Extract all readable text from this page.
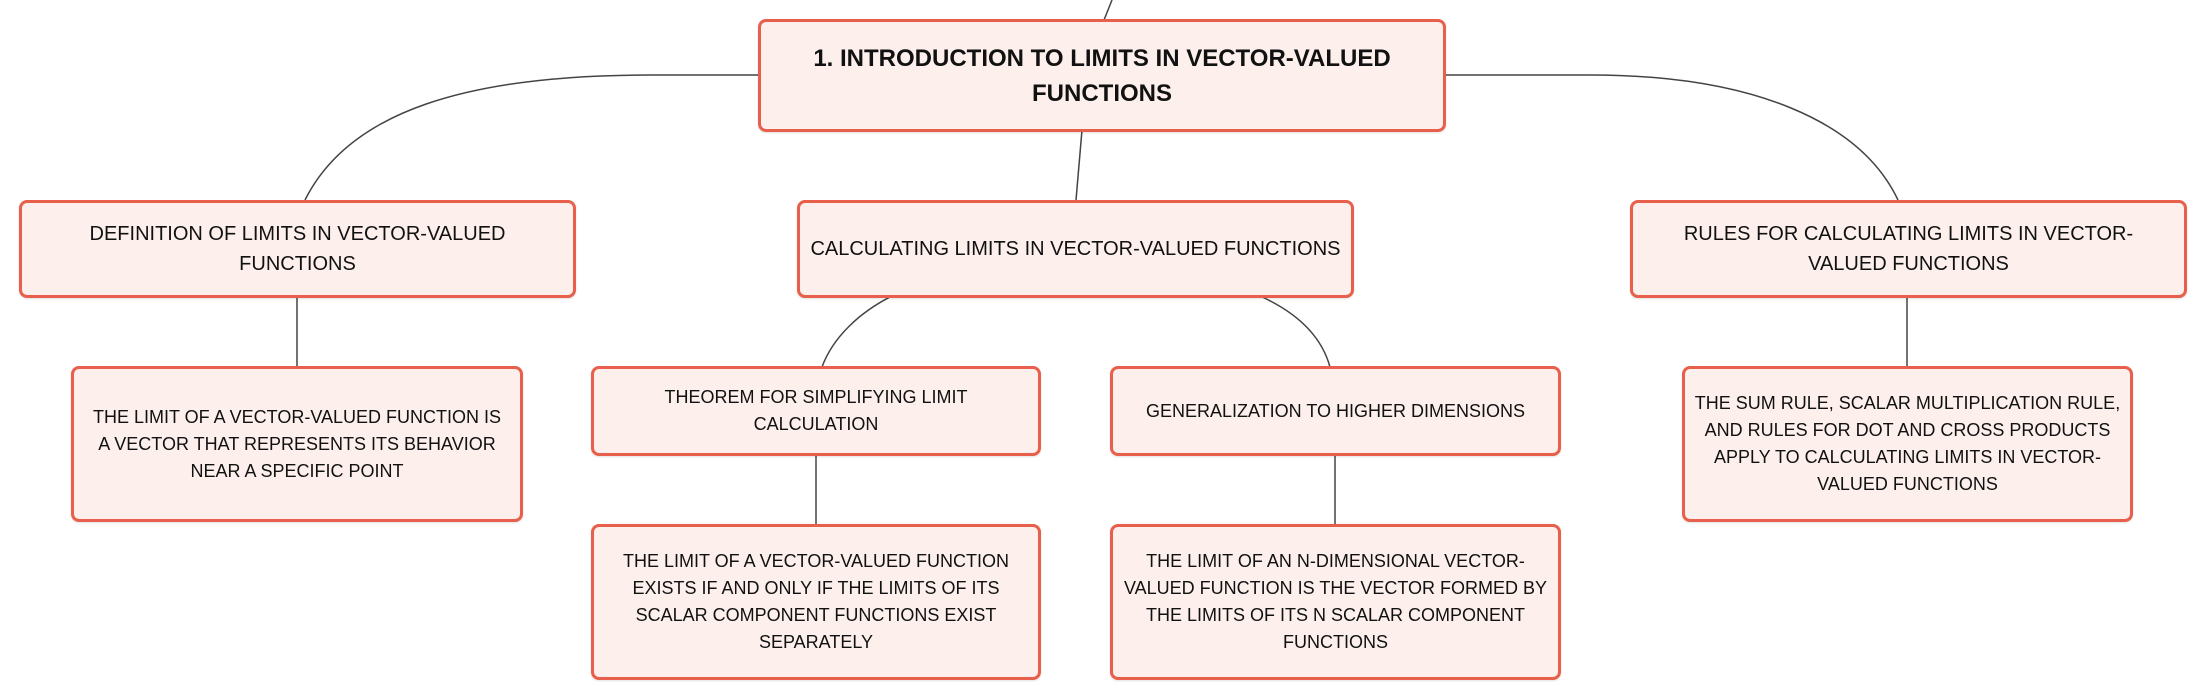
1. INTRODUCTION TO LIMITS IN VECTOR-VALUED FUNCTIONS
DEFINITION OF LIMITS IN VECTOR-VALUED FUNCTIONS
CALCULATING LIMITS IN VECTOR-VALUED FUNCTIONS
RULES FOR CALCULATING LIMITS IN VECTOR-VALUED FUNCTIONS
THE LIMIT OF A VECTOR-VALUED FUNCTION IS A VECTOR THAT REPRESENTS ITS BEHAVIOR NEAR A SPECIFIC POINT
THEOREM FOR SIMPLIFYING LIMIT CALCULATION
GENERALIZATION TO HIGHER DIMENSIONS	THE SUM RULE, SCALAR MULTIPLICATION RULE, AND RULES FOR DOT AND CROSS PRODUCTS APPLY TO CALCULATING LIMITS IN VECTOR-VALUED FUNCTIONS
THE LIMIT OF A VECTOR-VALUED FUNCTION EXISTS IF AND ONLY IF THE LIMITS OF ITS SCALAR COMPONENT FUNCTIONS EXIST SEPARATELY
THE LIMIT OF AN N-DIMENSIONAL VECTOR-VALUED FUNCTION IS THE VECTOR FORMED BY THE LIMITS OF ITS N SCALAR COMPONENT FUNCTIONS
